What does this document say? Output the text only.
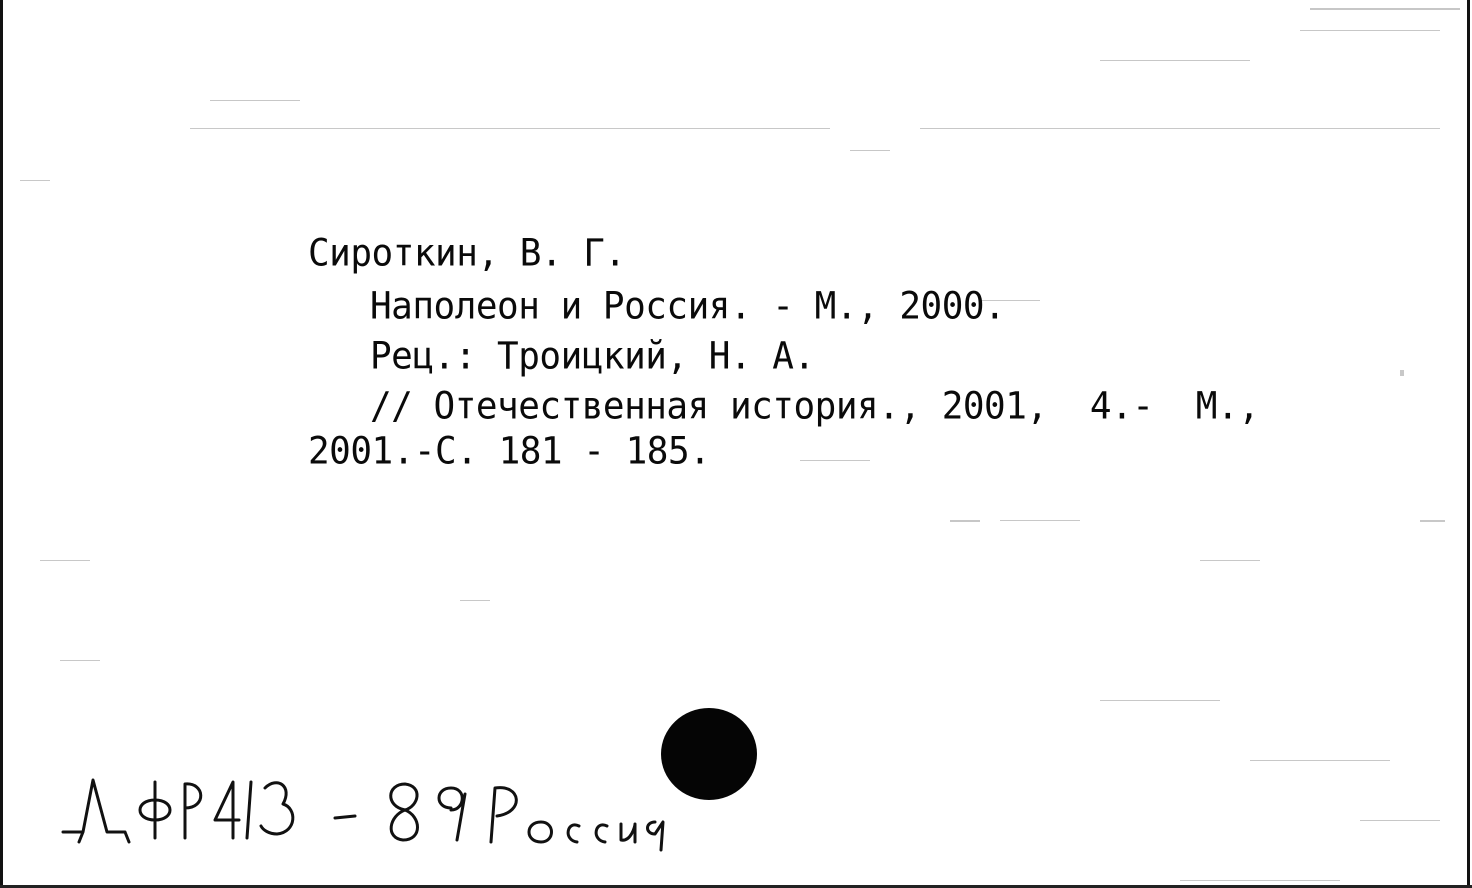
Сироткин, В. Г.
Наполеон и Россия. - М., 2000.
Рец.: Троицкий, Н. А.
// Отечественная история., 2001,  4.-  М.,
2001.-С. 181 - 185.
